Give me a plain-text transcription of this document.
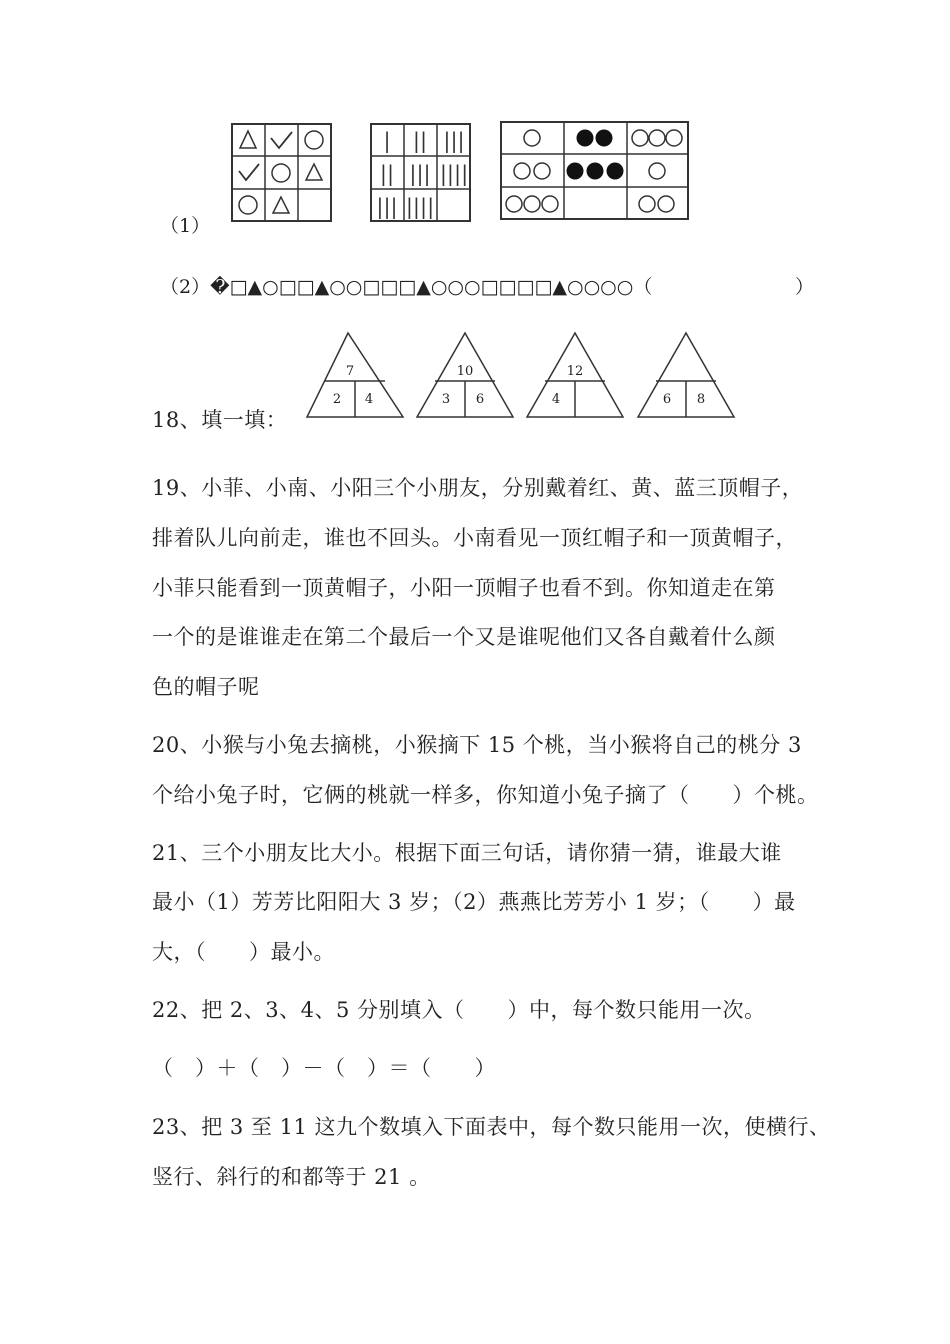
（1）
| || |||
|| ||| ||||
||| ||||
（2）�□▲○□□▲○○□□□▲○○○□□□□▲○○○○（	）
18、填一填：
7
2 4
10
3 6
12
4	6 8
19、小菲、小南、小阳三个小朋友，分别戴着红、黄、蓝三顶帽子，
排着队儿向前走，谁也不回头。小南看见一顶红帽子和一顶黄帽子，
小菲只能看到一顶黄帽子，小阳一顶帽子也看不到。你知道走在第
一个的是谁谁走在第二个最后一个又是谁呢他们又各自戴着什么颜
色的帽子呢
20、小猴与小兔去摘桃，小猴摘下 15 个桃，当小猴将自己的桃分 3
个给小兔子时，它俩的桃就一样多，你知道小兔子摘了（　　）个桃。
21、三个小朋友比大小。根据下面三句话，请你猜一猜，谁最大谁
最小（1）芳芳比阳阳大 3 岁；（2）燕燕比芳芳小 1 岁；（　　）最
大，（　　）最小。
22、把 2、3、4、5 分别填入（　　）中，每个数只能用一次。
（　）＋（　）－（　）＝（　　）
23、把 3 至 11 这九个数填入下面表中，每个数只能用一次，使横行、
竖行、斜行的和都等于 21 。
